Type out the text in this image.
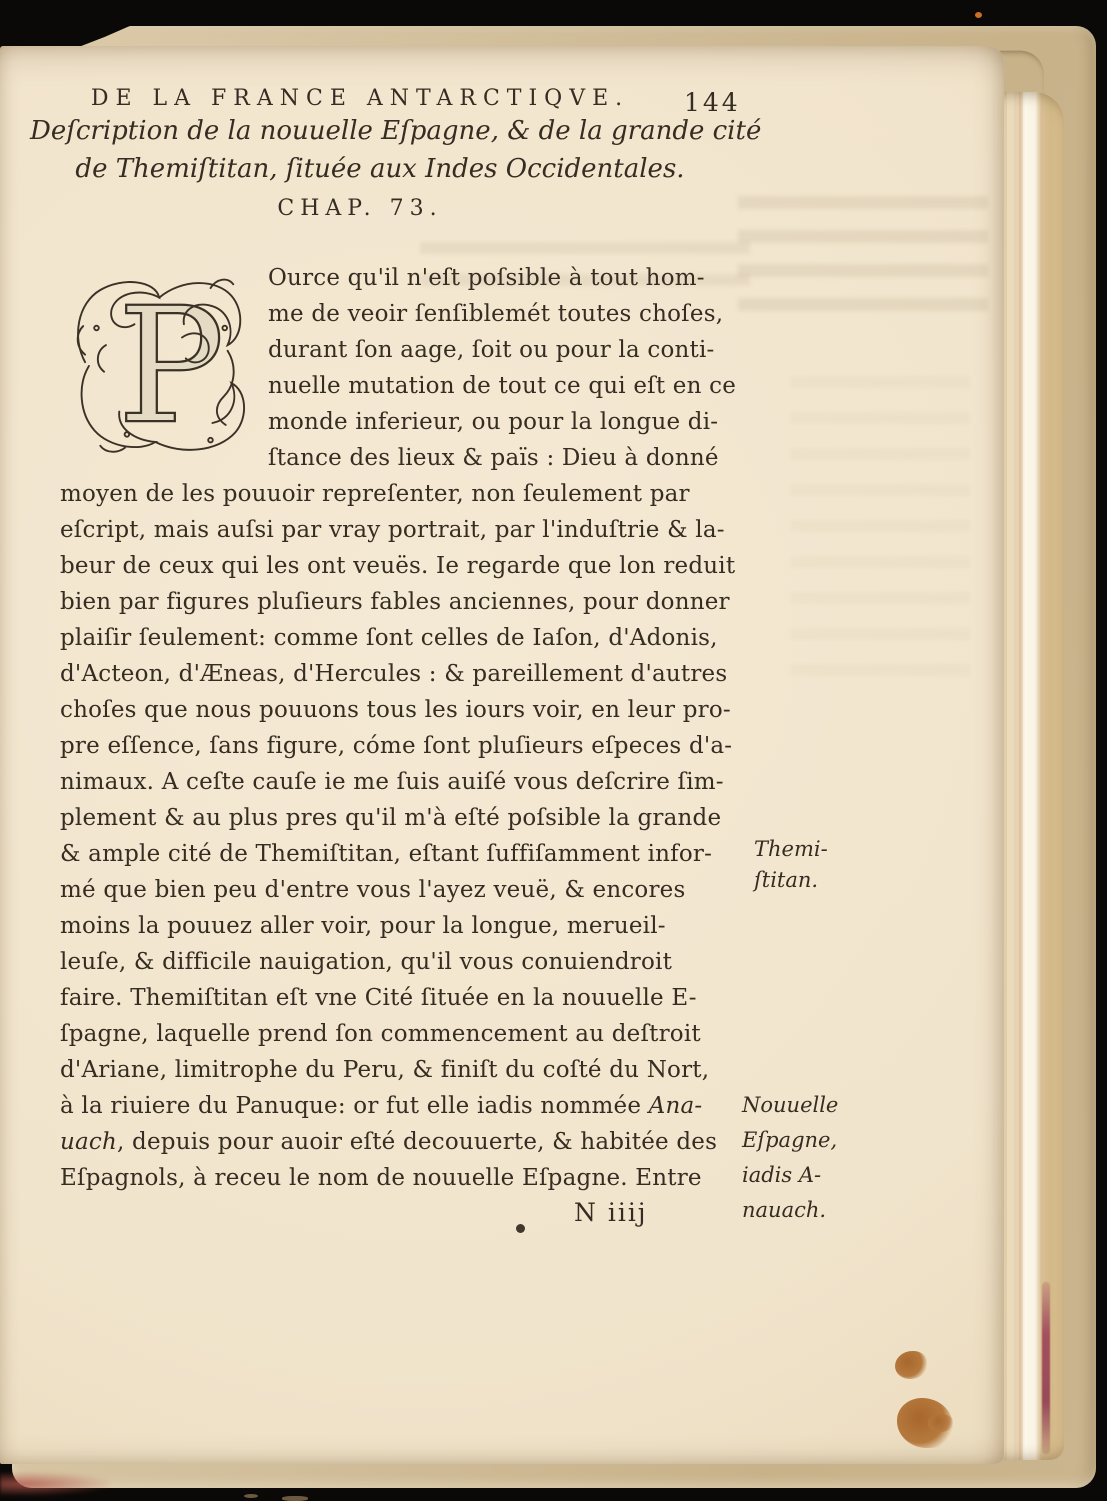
DE LA FRANCE ANTARCTIQVE.	144
Deſcription de la nouuelle Eſpagne, & de la grande cité
de Themiſtitan, ſituée aux Indes Occidentales.
CHAP. 73.
P	Ource qu'il n'eſt poſsible à tout hom-
me de veoir ſenſiblemét toutes choſes,
durant ſon aage, ſoit ou pour la conti-
nuelle mutation de tout ce qui eſt en ce
monde inferieur, ou pour la longue di-
ſtance des lieux & païs : Dieu à donné
moyen de les pouuoir repreſenter, non ſeulement par
eſcript, mais auſsi par vray portrait, par l'induſtrie & la-
beur de ceux qui les ont veuës. Ie regarde que lon reduit
bien par figures pluſieurs fables anciennes, pour donner
plaiſir ſeulement: comme ſont celles de Iaſon, d'Adonis,
d'Acteon, d'Æneas, d'Hercules : & pareillement d'autres
choſes que nous pouuons tous les iours voir, en leur pro-
pre eſſence, ſans figure, cóme ſont pluſieurs eſpeces d'a-
nimaux. A ceſte cauſe ie me ſuis auiſé vous deſcrire ſim-
plement & au plus pres qu'il m'à eſté poſsible la grande
& ample cité de Themiſtitan, eſtant ſuffiſamment infor-
mé que bien peu d'entre vous l'ayez veuë, & encores
moins la pouuez aller voir, pour la longue, merueil-
leuſe, & difficile nauigation, qu'il vous conuiendroit
faire. Themiſtitan eſt vne Cité ſituée en la nouuelle E-
ſpagne, laquelle prend ſon commencement au deſtroit
d'Ariane, limitrophe du Peru, & finiſt du coſté du Nort,
à la riuiere du Panuque: or fut elle iadis nommée Ana-
uach, depuis pour auoir eſté decouuerte, & habitée des
Eſpagnols, à receu le nom de nouuelle Eſpagne. Entre
Themi-
ſtitan.
Nouuelle
Eſpagne,
iadis A-
nauach.
N iiij
